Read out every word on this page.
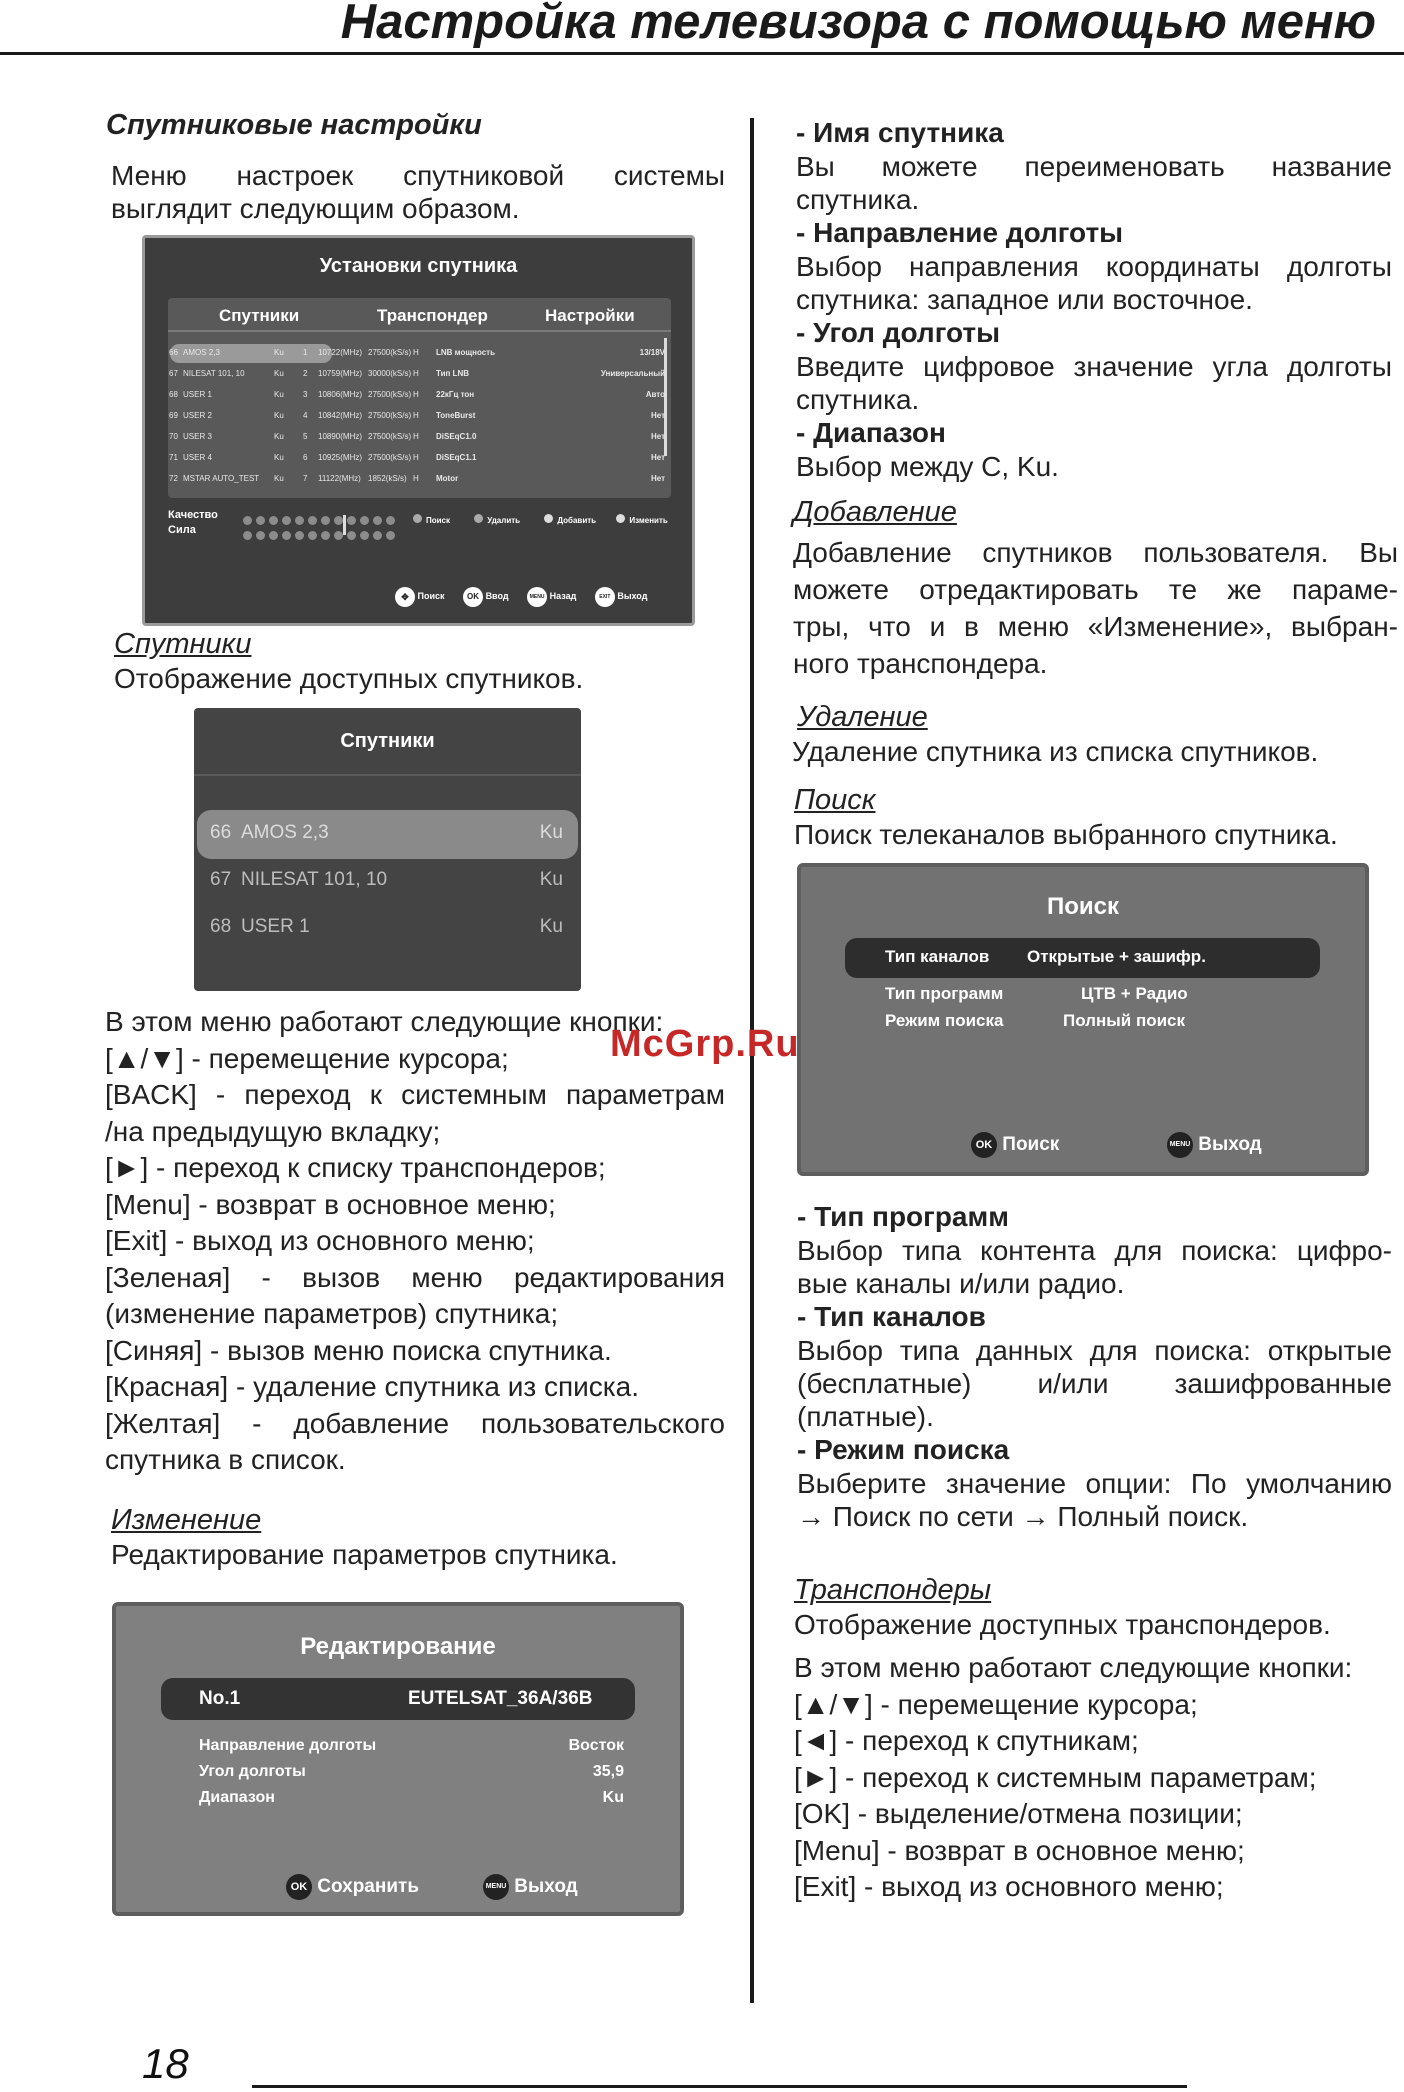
Настройка телевизора с помощью меню
Спутниковые настройки
Меню настроек спутниковой системы
выглядит следующим образом.
Установки спутника
Спутники	Транспондер	Настройки
Качество
Сила
Поиск	Удалить	Добавить	Изменить
✥ Поиск	OK Ввод	MENU Назад	EXIT Выход
66 AMOS 2,3	Ku 1 10722(MHz) 27500(kS/s) H LNB мощность	13/18V
67 NILESAT 101, 10	Ku 2 10759(MHz) 30000(kS/s) H Тип LNB	Универсальный
68 USER 1	Ku 3 10806(MHz) 27500(kS/s) H 22кГц тон	Авто
69 USER 2	Ku 4 10842(MHz) 27500(kS/s) H ToneBurst	Нет
70 USER 3	Ku 5 10890(MHz) 27500(kS/s) H DiSEqC1.0	Нет
71 USER 4	Ku 6 10925(MHz) 27500(kS/s) H DiSEqC1.1	Нет
72 MSTAR AUTO_TEST Ku 7 11122(MHz) 1852(kS/s) H Motor	Нет
Спутники
Отображение доступных спутников.
Спутники
66 AMOS 2,3	Ku
67 NILESAT 101, 10	Ku
68 USER 1	Ku
В этом меню работают следующие кнопки:
[▲/▼] - перемещение курсора;
[BACK] - переход к системным параметрам
/на предыдущую вкладку;
[►] - переход к списку транспондеров;
[Menu] - возврат в основное меню;
[Exit] - выход из основного меню;
[Зеленая] - вызов меню редактирования
(изменение параметров) спутника;
[Синяя] - вызов меню поиска спутника.
[Красная] - удаление спутника из списка.
[Желтая] - добавление пользовательского
спутника в список.
Изменение
Редактирование параметров спутника.
Редактирование
No.1	EUTELSAT_36A/36B
OK Сохранить	MENU Выход
Направление долготы	Восток
Угол долготы	35,9
Диапазон	Ku
- Имя спутника
Вы можете переименовать название
спутника.
- Направление долготы
Выбор направления координаты долготы
спутника: западное или восточное.
- Угол долготы
Введите цифровое значение угла долготы
спутника.
- Диапазон
Выбор между C, Ku.
Добавление
Добавление спутников пользователя. Вы
можете отредактировать те же параме-
тры, что и в меню «Изменение», выбран-
ного транспондера.
Удаление
Удаление спутника из списка спутников.
Поиск
Поиск телеканалов выбранного спутника.
Поиск
OK Поиск	MENU Выход
Тип каналов Открытые + зашифр.
Тип программ	ЦТВ + Радио
Режим поиска	Полный поиск
- Тип программ
Выбор типа контента для поиска: цифро-
вые каналы и/или радио.
- Тип каналов
Выбор типа данных для поиска: открытые
(бесплатные) и/или зашифрованные
(платные).
- Режим поиска
Выберите значение опции: По умолчанию
→ Поиск по сети → Полный поиск.
Транспондеры
Отображение доступных транспондеров.
В этом меню работают следующие кнопки:
[▲/▼] - перемещение курсора;
[◄] - переход к спутникам;
[►] - переход к системным параметрам;
[OK] - выделение/отмена позиции;
[Menu] - возврат в основное меню;
[Exit] - выход из основного меню;
McGrp.Ru
18
